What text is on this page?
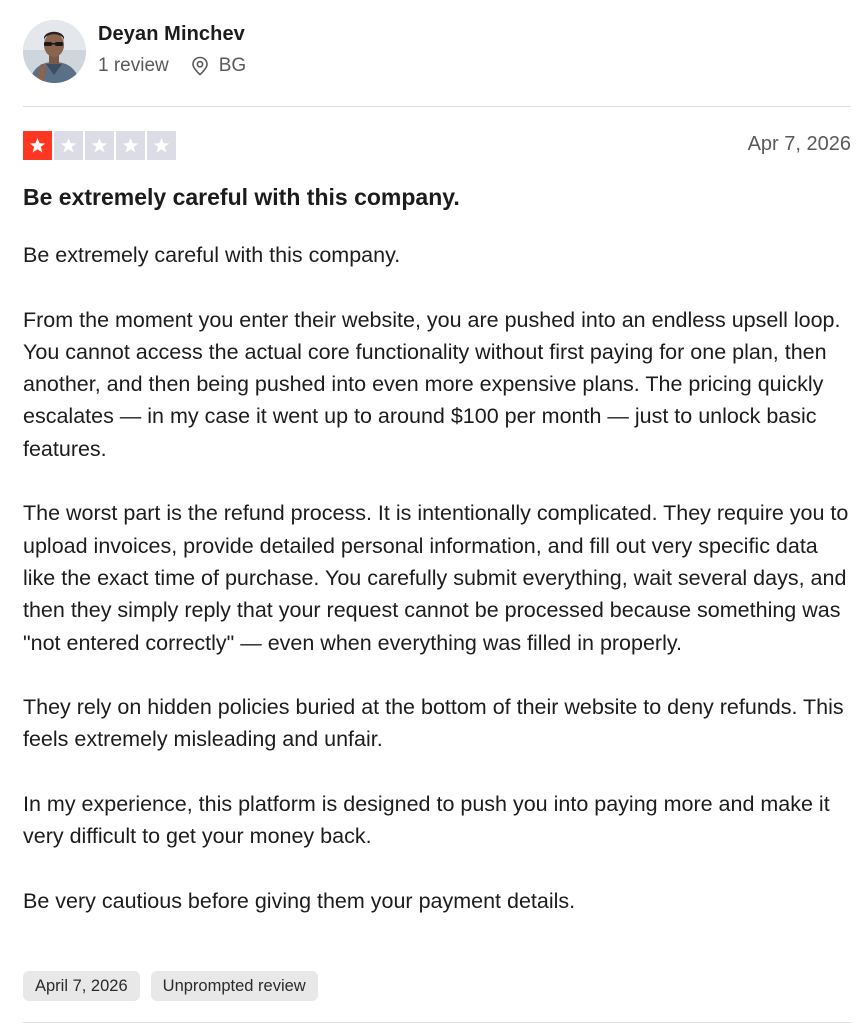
Deyan Minchev
1 review	BG
Apr 7, 2026
Be extremely careful with this company.

Be extremely careful with this company.

From the moment you enter their website, you are pushed into an endless upsell loop. You cannot access the actual core functionality without first paying for one plan, then another, and then being pushed into even more expensive plans. The pricing quickly escalates — in my case it went up to around $100 per month — just to unlock basic features.

The worst part is the refund process. It is intentionally complicated. They require you to upload invoices, provide detailed personal information, and fill out very specific data like the exact time of purchase. You carefully submit everything, wait several days, and then they simply reply that your request cannot be processed because something was "not entered correctly" — even when everything was filled in properly.

They rely on hidden policies buried at the bottom of their website to deny refunds. This feels extremely misleading and unfair.

In my experience, this platform is designed to push you into paying more and make it very difficult to get your money back.

Be very cautious before giving them your payment details.

April 7, 2026	Unprompted review
